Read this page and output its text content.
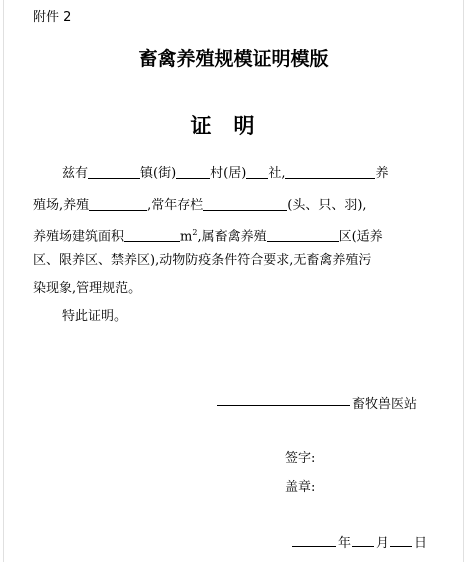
附件 2
畜禽养殖规模证明模版
证明
兹有	镇(街)	村(居) 社,	养
殖场,养殖	,常年存栏	(头、只、羽),
养殖场建筑面积	$m^2$,属畜禽养殖	区(适养
区、限养区、禁养区),动物防疫条件符合要求,无畜禽养殖污
染现象,管理规范。
特此证明。
畜牧兽医站
签字:
盖章:
年 月 日
